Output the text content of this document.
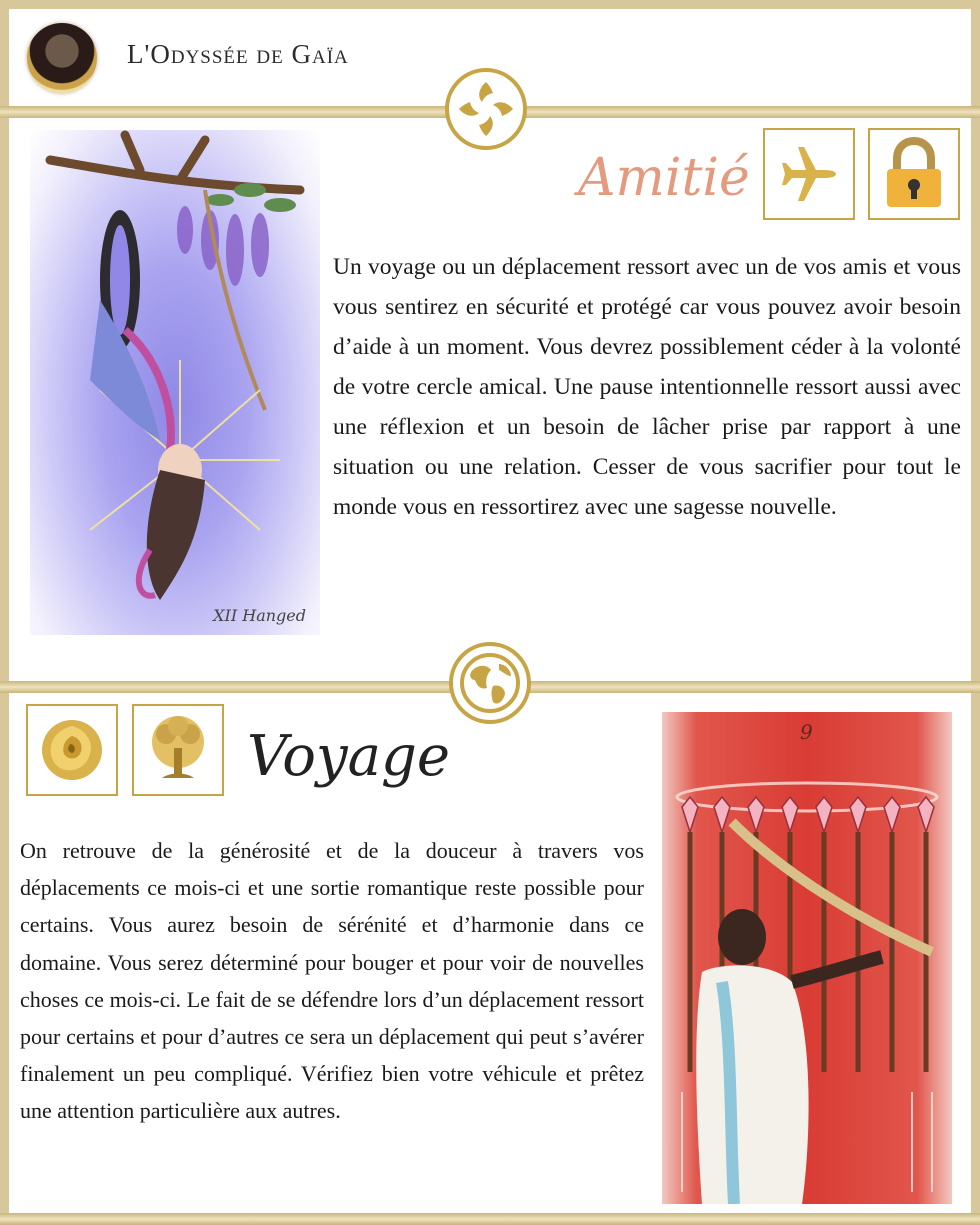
L'Odyssée de Gaïa
XII Hanged
Amitié

Un voyage ou un déplacement ressort avec un de vos amis et vous vous sentirez en sécurité et protégé car vous pouvez avoir besoin d’aide à un moment. Vous devrez possiblement céder à la volonté de votre cercle amical. Une pause intentionnelle ressort aussi avec une réflexion et un besoin de lâcher prise par rapport à une situation ou une relation. Cesser de vous sacrifier pour tout le monde vous en ressortirez avec une sagesse nouvelle.

Voyage

On retrouve de la générosité et de la douceur à travers vos déplacements ce mois-ci et une sortie romantique reste possible pour certains. Vous aurez besoin de sérénité et d’harmonie dans ce domaine. Vous serez déterminé pour bouger et pour voir de nouvelles choses ce mois-ci. Le fait de se défendre lors d’un déplacement ressort pour certains et pour d’autres ce sera un déplacement qui peut s’avérer finalement un peu compliqué. Vérifiez bien votre véhicule et prêtez une attention particulière aux autres.

9
